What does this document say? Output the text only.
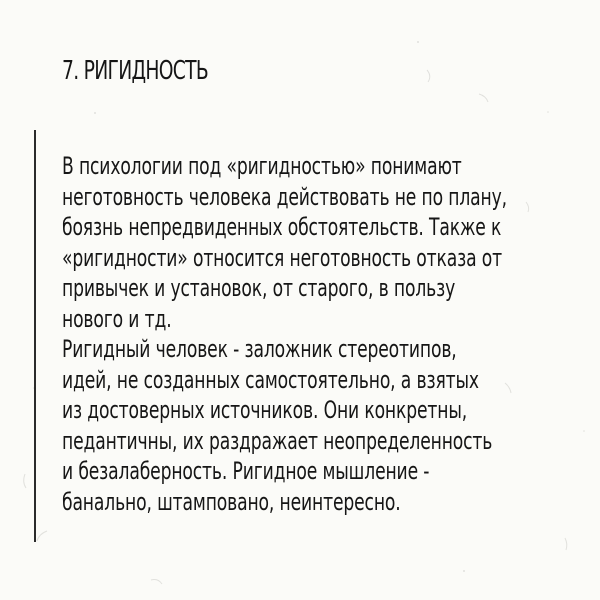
7. РИГИДНОСТЬ
В психологии под «ригидностью» понимают
неготовность человека действовать не по плану,
боязнь непредвиденных обстоятельств. Также к
«ригидности» относится неготовность отказа от
привычек и установок, от старого, в пользу
нового и тд.
Ригидный человек - заложник стереотипов,
идей, не созданных самостоятельно, а взятых
из достоверных источников. Они конкретны,
педантичны, их раздражает неопределенность
и безалаберность. Ригидное мышление -
банально, штамповано, неинтересно.
